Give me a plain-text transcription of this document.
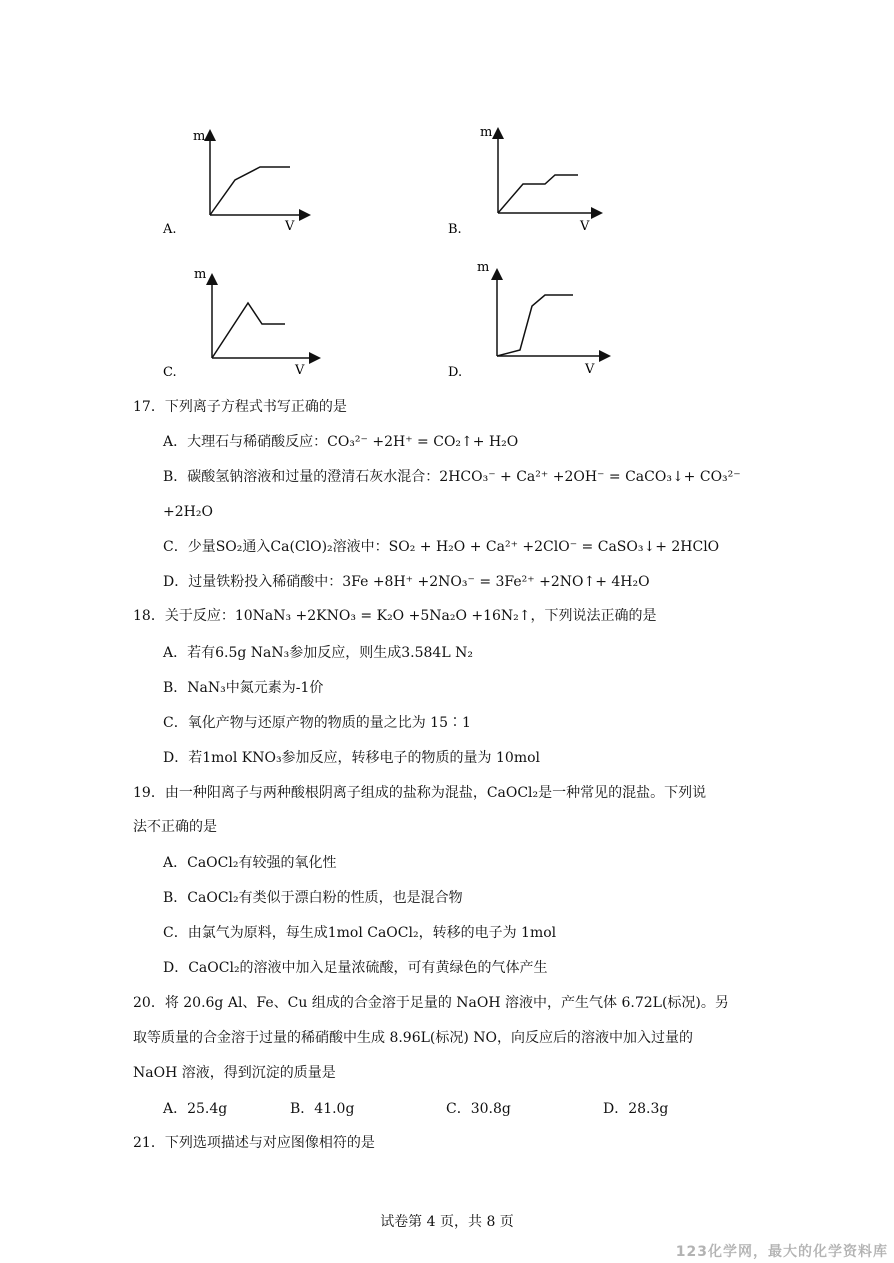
m
V
A.
m
V
B.
m
V
C.
m
V
D.
17．下列离子方程式书写正确的是
A．大理石与稀硝酸反应：CO₃²⁻ +2H⁺ = CO₂↑+ H₂O
B．碳酸氢钠溶液和过量的澄清石灰水混合：2HCO₃⁻ + Ca²⁺ +2OH⁻ = CaCO₃↓+ CO₃²⁻
+2H₂O
C．少量SO₂通入Ca(ClO)₂溶液中：SO₂ + H₂O + Ca²⁺ +2ClO⁻ = CaSO₃↓+ 2HClO
D．过量铁粉投入稀硝酸中：3Fe +8H⁺ +2NO₃⁻ = 3Fe²⁺ +2NO↑+ 4H₂O
18．关于反应：10NaN₃ +2KNO₃ = K₂O +5Na₂O +16N₂↑，下列说法正确的是
A．若有6.5g NaN₃参加反应，则生成3.584L N₂
B．NaN₃中氮元素为-1价
C．氧化产物与还原产物的物质的量之比为 15∶1
D．若1mol KNO₃参加反应，转移电子的物质的量为 10mol
19．由一种阳离子与两种酸根阴离子组成的盐称为混盐，CaOCl₂是一种常见的混盐。下列说
法不正确的是
A．CaOCl₂有较强的氧化性
B．CaOCl₂有类似于漂白粉的性质，也是混合物
C．由氯气为原料，每生成1mol CaOCl₂，转移的电子为 1mol
D．CaOCl₂的溶液中加入足量浓硫酸，可有黄绿色的气体产生
20．将 20.6g Al、Fe、Cu 组成的合金溶于足量的 NaOH 溶液中，产生气体 6.72L(标况)。另
取等质量的合金溶于过量的稀硝酸中生成 8.96L(标况) NO，向反应后的溶液中加入过量的
NaOH 溶液，得到沉淀的质量是
A．25.4g	B．41.0g	C．30.8g	D．28.3g
21．下列选项描述与对应图像相符的是
试卷第 4 页，共 8 页
123化学网，最大的化学资料库
